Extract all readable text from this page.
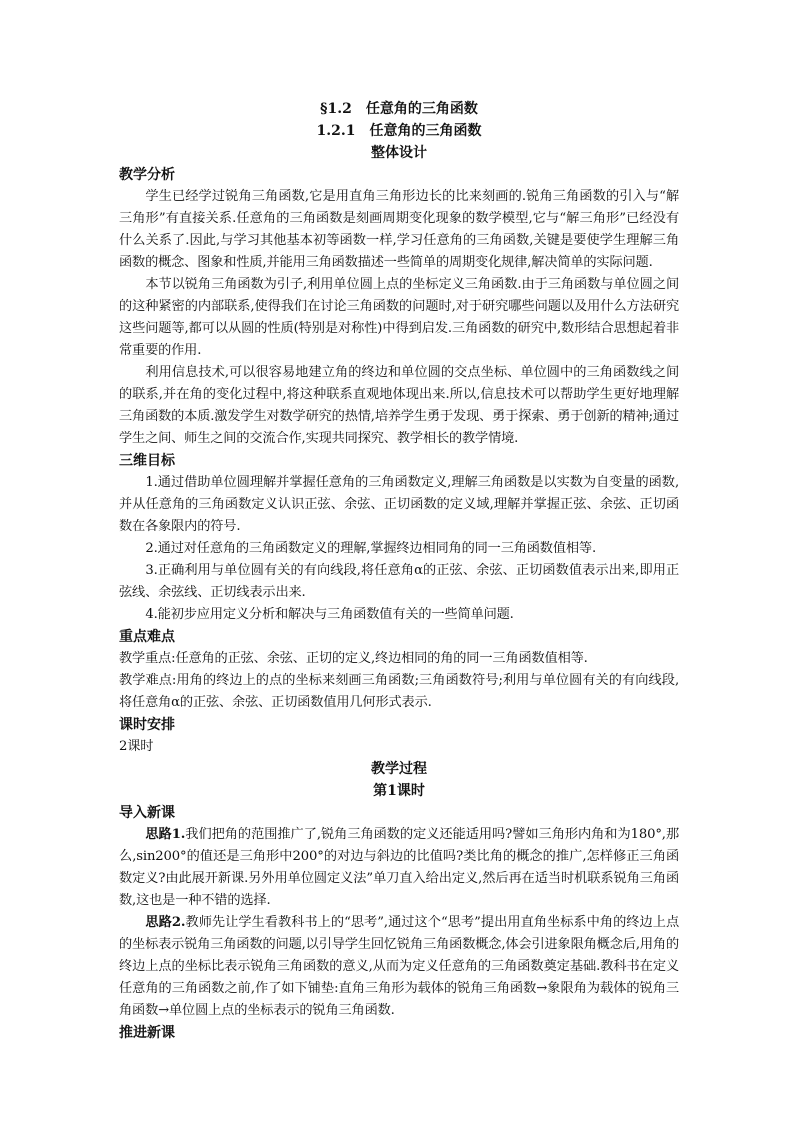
§1.2　任意角的三角函数

1.2.1　任意角的三角函数

整体设计

教学分析

学生已经学过锐角三角函数,它是用直角三角形边长的比来刻画的.锐角三角函数的引入与“解三角形”有直接关系.任意角的三角函数是刻画周期变化现象的数学模型,它与“解三角形”已经没有什么关系了.因此,与学习其他基本初等函数一样,学习任意角的三角函数,关键是要使学生理解三角函数的概念、图象和性质,并能用三角函数描述一些简单的周期变化规律,解决简单的实际问题.

本节以锐角三角函数为引子,利用单位圆上点的坐标定义三角函数.由于三角函数与单位圆之间的这种紧密的内部联系,使得我们在讨论三角函数的问题时,对于研究哪些问题以及用什么方法研究这些问题等,都可以从圆的性质(特别是对称性)中得到启发.三角函数的研究中,数形结合思想起着非常重要的作用.

利用信息技术,可以很容易地建立角的终边和单位圆的交点坐标、单位圆中的三角函数线之间的联系,并在角的变化过程中,将这种联系直观地体现出来.所以,信息技术可以帮助学生更好地理解三角函数的本质.激发学生对数学研究的热情,培养学生勇于发现、勇于探索、勇于创新的精神;通过学生之间、师生之间的交流合作,实现共同探究、教学相长的教学情境.

三维目标

1.通过借助单位圆理解并掌握任意角的三角函数定义,理解三角函数是以实数为自变量的函数,并从任意角的三角函数定义认识正弦、余弦、正切函数的定义域,理解并掌握正弦、余弦、正切函数在各象限内的符号.

2.通过对任意角的三角函数定义的理解,掌握终边相同角的同一三角函数值相等.

3.正确利用与单位圆有关的有向线段,将任意角α的正弦、余弦、正切函数值表示出来,即用正弦线、余弦线、正切线表示出来.

4.能初步应用定义分析和解决与三角函数值有关的一些简单问题.

重点难点

教学重点:任意角的正弦、余弦、正切的定义,终边相同的角的同一三角函数值相等.

教学难点:用角的终边上的点的坐标来刻画三角函数;三角函数符号;利用与单位圆有关的有向线段,将任意角α的正弦、余弦、正切函数值用几何形式表示.

课时安排

2课时

教学过程

第1课时

导入新课

思路1.我们把角的范围推广了,锐角三角函数的定义还能适用吗?譬如三角形内角和为180°,那么,sin200°的值还是三角形中200°的对边与斜边的比值吗?类比角的概念的推广,怎样修正三角函数定义?由此展开新课.另外用单位圆定义法”单刀直入给出定义,然后再在适当时机联系锐角三角函数,这也是一种不错的选择.

思路2.教师先让学生看教科书上的“思考”,通过这个“思考”提出用直角坐标系中角的终边上点的坐标表示锐角三角函数的问题,以引导学生回忆锐角三角函数概念,体会引进象限角概念后,用角的终边上点的坐标比表示锐角三角函数的意义,从而为定义任意角的三角函数奠定基础.教科书在定义任意角的三角函数之前,作了如下铺垫:直角三角形为载体的锐角三角函数→象限角为载体的锐角三角函数→单位圆上点的坐标表示的锐角三角函数.

推进新课
